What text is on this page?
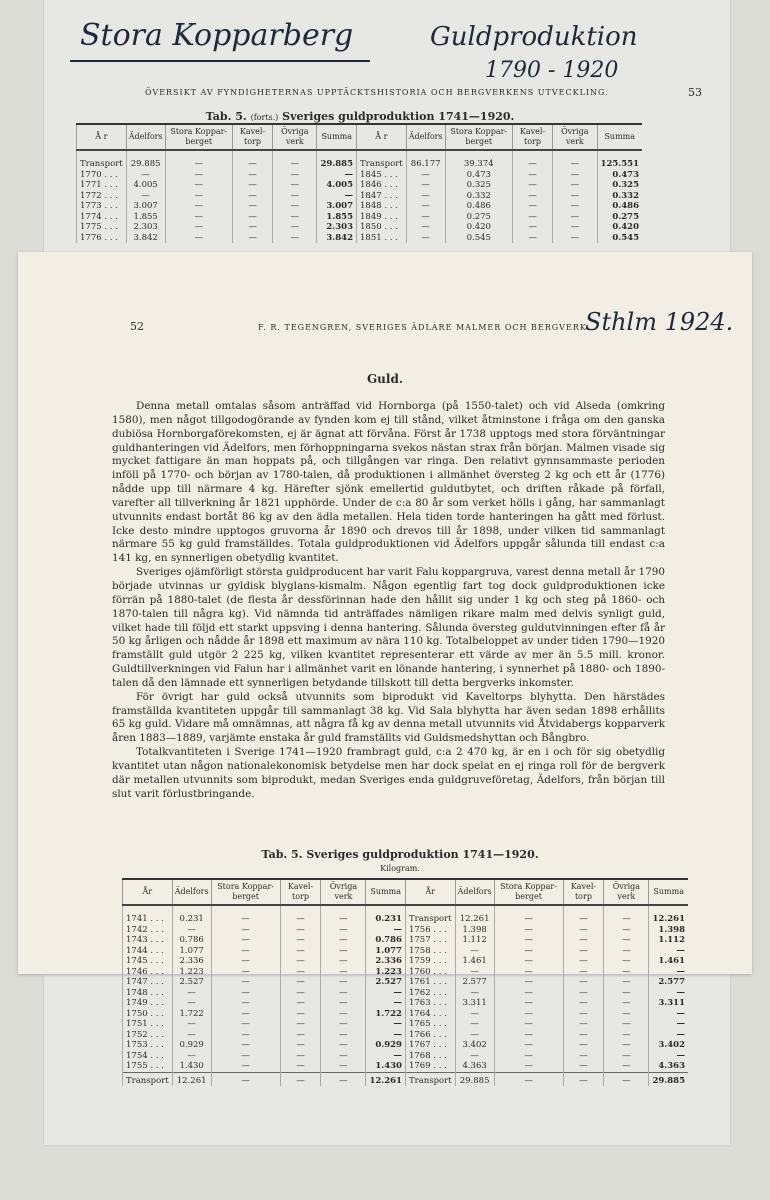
Stora Kopparberg	Guldproduktion
1790 - 1920
ÖVERSIKT AV FYNDIGHETERNAS UPPTÄCKTSHISTORIA OCH BERGVERKENS UTVECKLING.	53
Tab. 5. (forts.) Sveriges guldproduktion 1741—1920.
Å r	Ädelfors	Stora Koppar-berget	Kavel-torp	Övriga verk	Summa	Å r	Ädelfors	Stora Koppar-berget	Kavel-torp	Övriga verk	Summa
Transport	29.885	—	—	—	29.885	Transport	86.177	39.374	—	—	125.551
1770 . . .	—	—	—	—	—	1845 . . .	—	0.473	—	—	0.473
1771 . . .	4.005	—	—	—	4.005	1846 . . .	—	0.325	—	—	0.325
1772 . . .	—	—	—	—	—	1847 . . .	—	0.332	—	—	0.332
1773 . . .	3.007	—	—	—	3.007	1848 . . .	—	0.486	—	—	0.486
1774 . . .	1.855	—	—	—	1.855	1849 . . .	—	0.275	—	—	0.275
1775 . . .	2.303	—	—	—	2.303	1850 . . .	—	0.420	—	—	0.420
1776 . . .	3.842	—	—	—	3.842	1851 . . .	—	0.545	—	—	0.545
52	F. R. TEGENGREN, SVERIGES ÄDLARE MALMER OCH BERGVERK.
Sthlm 1924.
Guld.

Denna metall omtalas såsom anträffad vid Hornborga (på 1550-talet) och vid Alseda (omkring 1580), men något tillgodogörande av fynden kom ej till stånd, vilket åtminstone i fråga om den ganska dubiösa Hornborgaförekomsten, ej är ägnat att förvåna. Först år 1738 upptogs med stora förväntningar guldhanteringen vid Ädelfors, men förhoppningarna svekos nästan strax från början. Malmen visade sig mycket fattigare än man hoppats på, och tillgången var ringa. Den relativt gynnsammaste perioden inföll på 1770- och början av 1780-talen, då produktionen i allmänhet översteg 2 kg och ett år (1776) nådde upp till närmare 4 kg. Härefter sjönk emellertid guldutbytet, och driften råkade på förfall, varefter all tillverkning år 1821 upphörde. Under de c:a 80 år som verket hölls i gång, har sammanlagt utvunnits endast bortåt 86 kg av den ädla metallen. Hela tiden torde hanteringen ha gått med förlust. Icke desto mindre upptogos gruvorna år 1890 och drevos till år 1898, under vilken tid sammanlagt närmare 55 kg guld framställdes. Totala guldproduktionen vid Ädelfors uppgår sålunda till endast c:a 141 kg, en synnerligen obetydlig kvantitet.

Sveriges ojämförligt största guldproducent har varit Falu koppargruva, varest denna metall år 1790 började utvinnas ur gyldisk blyglans-kismalm. Någon egentlig fart tog dock guldproduktionen icke förrän på 1880-talet (de flesta år dessförinnan hade den hållit sig under 1 kg och steg på 1860- och 1870-talen till några kg). Vid nämnda tid anträffades nämligen rikare malm med delvis synligt guld, vilket hade till följd ett starkt uppsving i denna hantering. Sålunda översteg guldutvinningen efter få år 50 kg årligen och nådde år 1898 ett maximum av nära 110 kg. Totalbeloppet av under tiden 1790—1920 framställt guld utgör 2 225 kg, vilken kvantitet representerar ett värde av mer än 5.5 mill. kronor. Guldtillverkningen vid Falun har i allmänhet varit en lönande hantering, i synnerhet på 1880- och 1890-talen då den lämnade ett synnerligen betydande tillskott till detta bergverks inkomster.

För övrigt har guld också utvunnits som biprodukt vid Kaveltorps blyhytta. Den härstädes framställda kvantiteten uppgår till sammanlagt 38 kg. Vid Sala blyhytta har även sedan 1898 erhållits 65 kg guld. Vidare må omnämnas, att några få kg av denna metall utvunnits vid Åtvidabergs kopparverk åren 1883—1889, varjämte enstaka år guld framställts vid Guldsmedshyttan och Bångbro.

Totalkvantiteten i Sverige 1741—1920 frambragt guld, c:a 2 470 kg, är en i och för sig obetydlig kvantitet utan någon nationalekonomisk betydelse men har dock spelat en ej ringa roll för de bergverk där metallen utvunnits som biprodukt, medan Sveriges enda guldgruveföretag, Ädelfors, från början till slut varit förlustbringande.

Tab. 5. Sveriges guldproduktion 1741—1920.
Kilogram.
År	Ädelfors	Stora Koppar-berget	Kavel-torp	Övriga verk	Summa	År	Ädelfors	Stora Koppar-berget	Kavel-torp	Övriga verk	Summa
1741 . . .	0.231	—	—	—	0.231	Transport	12.261	—	—	—	12.261
1742 . . .	—	—	—	—	—	1756 . . .	1.398	—	—	—	1.398
1743 . . .	0.786	—	—	—	0.786	1757 . . .	1.112	—	—	—	1.112
1744 . . .	1.077	—	—	—	1.077	1758 . . .	—	—	—	—	—
1745 . . .	2.336	—	—	—	2.336	1759 . . .	1.461	—	—	—	1.461
1746 . . .	1.223	—	—	—	1.223	1760 . . .	—	—	—	—	—
1747 . . .	2.527	—	—	—	2.527	1761 . . .	2.577	—	—	—	2.577
1748 . . .	—	—	—	—	—	1762 . . .	—	—	—	—	—
1749 . . .	—	—	—	—	—	1763 . . .	3.311	—	—	—	3.311
1750 . . .	1.722	—	—	—	1.722	1764 . . .	—	—	—	—	—
1751 . . .	—	—	—	—	—	1765 . . .	—	—	—	—	—
1752 . . .	—	—	—	—	—	1766 . . .	—	—	—	—	—
1753 . . .	0.929	—	—	—	0.929	1767 . . .	3.402	—	—	—	3.402
1754 . . .	—	—	—	—	—	1768 . . .	—	—	—	—	—
1755 . . .	1.430	—	—	—	1.430	1769 . . .	4.363	—	—	—	4.363
Transport	12.261	—	—	—	12.261	Transport	29.885	—	—	—	29.885
